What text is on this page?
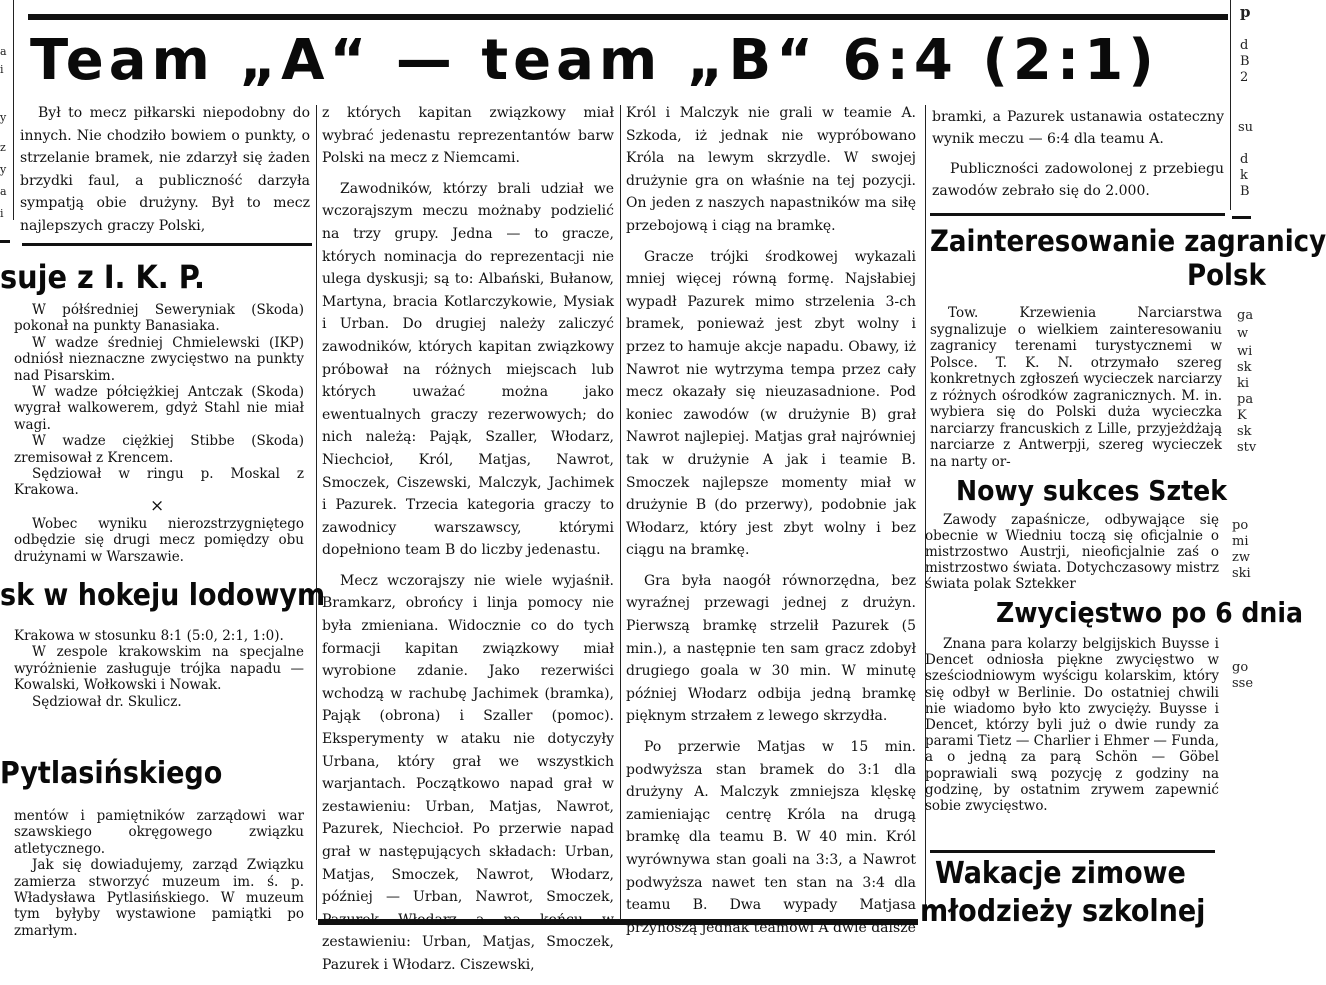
Team „A“ — team „B“ 6:4 (2:1)

Był to mecz piłkarski niepodobny do innych. Nie chodziło bowiem o punkty, o strzelanie bramek, nie zdarzył się żaden brzydki faul, a publiczność darzyła sympatją obie drużyny. Był to mecz najlepszych graczy Polski,

z których kapitan związkowy miał wybrać jedenastu reprezentantów barw Polski na mecz z Niemcami.

Zawodników, którzy brali udział we wczorajszym meczu możnaby podzielić na trzy grupy. Jedna — to gracze, których nominacja do reprezentacji nie ulega dyskusji; są to: Albański, Bułanow, Martyna, bracia Kotlarczykowie, Mysiak i Urban. Do drugiej należy zaliczyć zawodników, których kapitan związkowy próbował na różnych miejscach lub których uważać można jako ewentualnych graczy rezerwowych; do nich należą: Pająk, Szaller, Włodarz, Niechcioł, Król, Matjas, Nawrot, Smoczek, Ciszewski, Malczyk, Jachimek i Pazurek. Trzecia kategoria graczy to zawodnicy warszawscy, którymi dopełniono team B do liczby jedenastu.

Mecz wczorajszy nie wiele wyjaśnił. Bramkarz, obrońcy i linja pomocy nie była zmieniana. Widocznie co do tych formacji kapitan związkowy miał wyrobione zdanie. Jako rezerwiści wchodzą w rachubę Jachimek (bramka), Pająk (obrona) i Szaller (pomoc). Eksperymenty w ataku nie dotyczyły Urbana, który grał we wszystkich warjantach. Początkowo napad grał w zestawieniu: Urban, Matjas, Nawrot, Pazurek, Niechcioł. Po przerwie napad grał w następujących składach: Urban, Matjas, Smoczek, Nawrot, Włodarz, później — Urban, Nawrot, Smoczek, Pazurek Włodarz a na końcu w zestawieniu: Urban, Matjas, Smoczek, Pazurek i Włodarz. Ciszewski,

Król i Malczyk nie grali w teamie A. Szkoda, iż jednak nie wypróbowano Króla na lewym skrzydle. W swojej drużynie gra on właśnie na tej pozycji. On jeden z naszych napastników ma siłę przebojową i ciąg na bramkę.

Gracze trójki środkowej wykazali mniej więcej równą formę. Najsłabiej wypadł Pazurek mimo strzelenia 3-ch bramek, ponieważ jest zbyt wolny i przez to hamuje akcje napadu. Obawy, iż Nawrot nie wytrzyma tempa przez cały mecz okazały się nieuzasadnione. Pod koniec zawodów (w drużynie B) grał Nawrot najlepiej. Matjas grał najrówniej tak w drużynie A jak i teamie B. Smoczek najlepsze momenty miał w drużynie B (do przerwy), podobnie jak Włodarz, który jest zbyt wolny i bez ciągu na bramkę.

Gra była naogół równorzędna, bez wyraźnej przewagi jednej z drużyn. Pierwszą bramkę strzelił Pazurek (5 min.), a następnie ten sam gracz zdobył drugiego goala w 30 min. W minutę później Włodarz odbija jedną bramkę pięknym strzałem z lewego skrzydła.

Po przerwie Matjas w 15 min. podwyższa stan bramek do 3:1 dla drużyny A. Malczyk zmniejsza klęskę zamieniając centrę Króla na drugą bramkę dla teamu B. W 40 min. Król wyrównywa stan goali na 3:3, a Nawrot podwyższa nawet ten stan na 3:4 dla teamu B. Dwa wypady Matjasa przynoszą jednak teamowi A dwie dalsze

bramki, a Pazurek ustanawia ostateczny wynik meczu — 6:4 dla teamu A.

Publiczności zadowolonej z przebiegu zawodów zebrało się do 2.000.

suje z I. K. P.

W półśredniej Seweryniak (Skoda) pokonał na punkty Banasiaka.

W wadze średniej Chmielewski (IKP) odniósł nieznaczne zwycięstwo na punkty nad Pisarskim.

W wadze półciężkiej Antczak (Skoda) wygrał walkowerem, gdyż Stahl nie miał wagi.

W wadze ciężkiej Stibbe (Skoda) zremisował z Krencem.

Sędziował w ringu p. Moskal z Krakowa.

×

Wobec wyniku nierozstrzygniętego odbędzie się drugi mecz pomiędzy obu drużynami w Warszawie.

sk w hokeju lodowym

Krakowa w stosunku 8:1 (5:0, 2:1, 1:0).

W zespole krakowskim na specjalne wyróżnienie zasługuje trójka napadu — Kowalski, Wołkowski i Nowak.

Sędziował dr. Skulicz.

Pytlasińskiego

mentów i pamiętników zarządowi war szawskiego okręgowego związku atletycznego.

Jak się dowiadujemy, zarząd Związku zamierza stworzyć muzeum im. ś. p. Władysława Pytlasińskiego. W muzeum tym byłyby wystawione pamiątki po zmarłym.

Zainteresowanie zagranicy
Polsk

Tow. Krzewienia Narciarstwa sygnalizuje o wielkiem zainteresowaniu zagranicy terenami turystycznemi w Polsce. T. K. N. otrzymało szereg konkretnych zgłoszeń wycieczek narciarzy z różnych ośrodków zagranicznych. M. in. wybiera się do Polski duża wycieczka narciarzy francuskich z Lille, przyjeżdżają narciarze z Antwerpji, szereg wycieczek na narty or-

Nowy sukces Sztek

Zawody zapaśnicze, odbywające się obecnie w Wiedniu toczą się oficjalnie o mistrzostwo Austrji, nieoficjalnie zaś o mistrzostwo świata. Dotychczasowy mistrz świata polak Sztekker

Zwycięstwo po 6 dnia

Znana para kolarzy belgijskich Buysse i Dencet odniosła piękne zwycięstwo w sześciodniowym wyścigu kolarskim, który się odbył w Berlinie. Do ostatniej chwili nie wiadomo było kto zwycięży. Buysse i Dencet, którzy byli już o dwie rundy za parami Tietz — Charlier i Ehmer — Funda, a o jedną za parą Schön — Göbel poprawiali swą pozycję z godziny na godzinę, by ostatnim zrywem zapewnić sobie zwycięstwo.

Wakacje zimowe
młodzieży szkolnej
p
d
B
2
su
d
k
B
ga
w
wi
sk
ki
pa
K
sk
stv
po
mi
zw
ski
go
sse
a
i
y
z
y
a
i
